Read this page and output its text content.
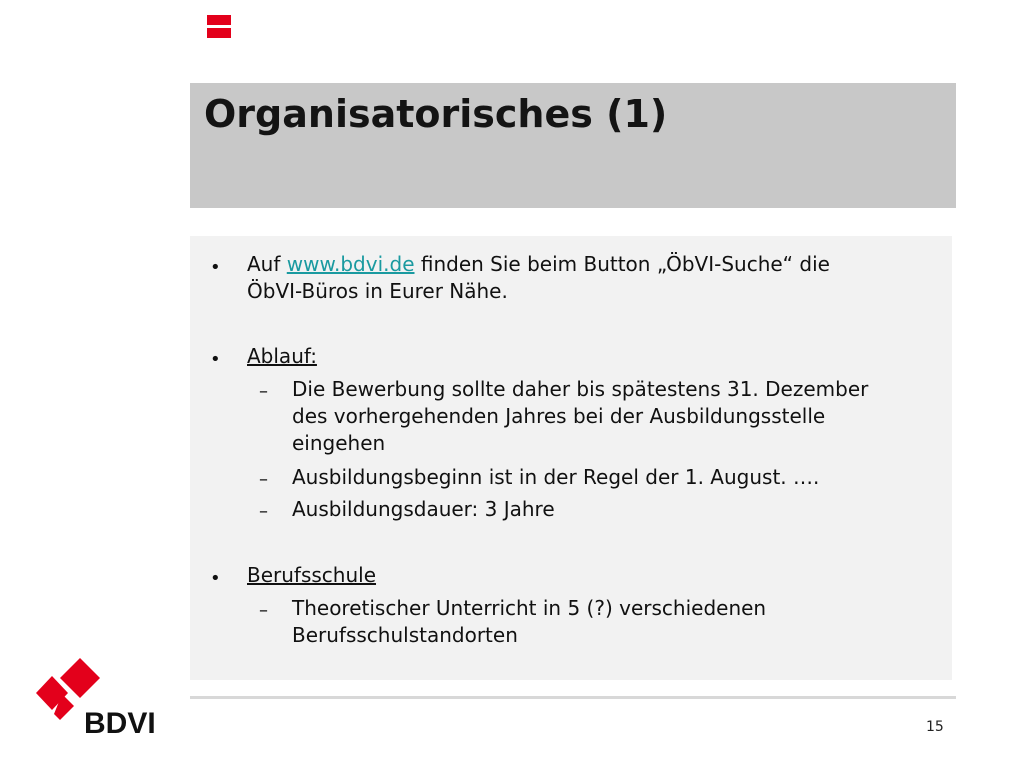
Organisatorisches (1)
• Auf www.bdvi.de finden Sie beim Button „ÖbVI-Suche“ die
ÖbVI-Büros in Eurer Nähe.
• Ablauf:
– Die Bewerbung sollte daher bis spätestens 31. Dezember
des vorhergehenden Jahres bei der Ausbildungsstelle
eingehen
– Ausbildungsbeginn ist in der Regel der 1. August. ….
– Ausbildungsdauer: 3 Jahre
• Berufsschule
– Theoretischer Unterricht in 5 (?) verschiedenen
Berufsschulstandorten
BDVI	15
